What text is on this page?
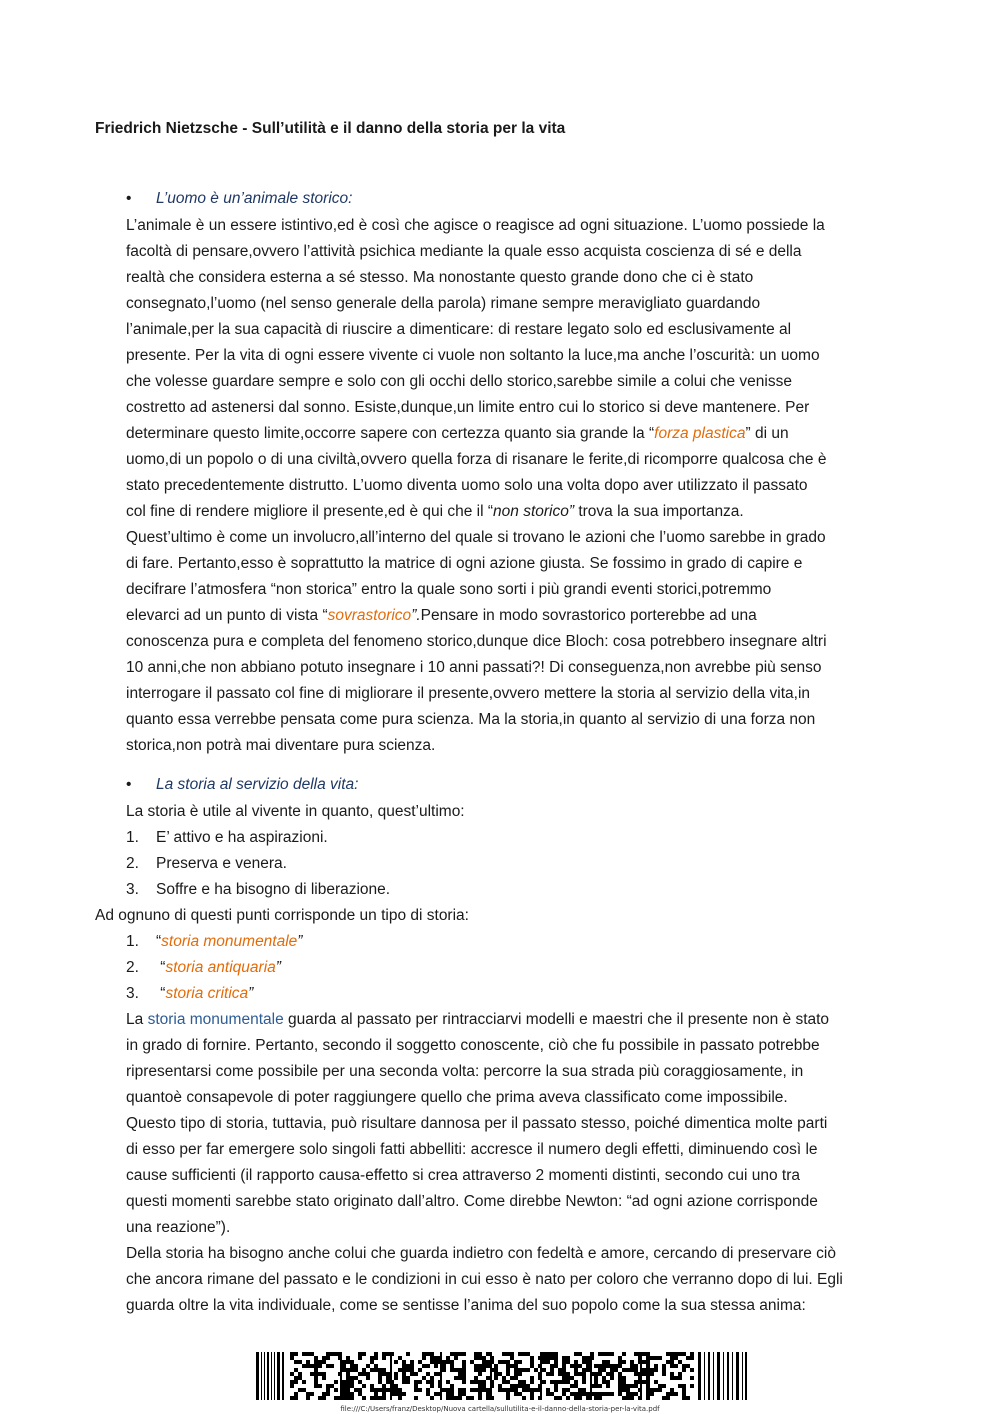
Friedrich Nietzsche - Sull’utilità e il danno della storia per la vita
• L’uomo è un’animale storico:

L’animale è un essere istintivo,ed è così che agisce o reagisce ad ogni situazione. L’uomo possiede la

facoltà di pensare,ovvero l’attività psichica mediante la quale esso acquista coscienza di sé e della

realtà che considera esterna a sé stesso. Ma nonostante questo grande dono che ci è stato

consegnato,l’uomo (nel senso generale della parola) rimane sempre meravigliato guardando

l’animale,per la sua capacità di riuscire a dimenticare: di restare legato solo ed esclusivamente al

presente. Per la vita di ogni essere vivente ci vuole non soltanto la luce,ma anche l’oscurità: un uomo

che volesse guardare sempre e solo con gli occhi dello storico,sarebbe simile a colui che venisse

costretto ad astenersi dal sonno. Esiste,dunque,un limite entro cui lo storico si deve mantenere. Per

determinare questo limite,occorre sapere con certezza quanto sia grande la “forza plastica” di un

uomo,di un popolo o di una civiltà,ovvero quella forza di risanare le ferite,di ricomporre qualcosa che è

stato precedentemente distrutto. L’uomo diventa uomo solo una volta dopo aver utilizzato il passato

col fine di rendere migliore il presente,ed è qui che il “non storico” trova la sua importanza.

Quest’ultimo è come un involucro,all’interno del quale si trovano le azioni che l’uomo sarebbe in grado

di fare. Pertanto,esso è soprattutto la matrice di ogni azione giusta. Se fossimo in grado di capire e

decifrare l’atmosfera “non storica” entro la quale sono sorti i più grandi eventi storici,potremmo

elevarci ad un punto di vista “sovrastorico”.Pensare in modo sovrastorico porterebbe ad una

conoscenza pura e completa del fenomeno storico,dunque dice Bloch: cosa potrebbero insegnare altri

10 anni,che non abbiano potuto insegnare i 10 anni passati?! Di conseguenza,non avrebbe più senso

interrogare il passato col fine di migliorare il presente,ovvero mettere la storia al servizio della vita,in

quanto essa verrebbe pensata come pura scienza. Ma la storia,in quanto al servizio di una forza non

storica,non potrà mai diventare pura scienza.

• La storia al servizio della vita:
La storia è utile al vivente in quanto, quest’ultimo:
1.	E’ attivo e ha aspirazioni.
2.	Preserva e venera.
3.	Soffre e ha bisogno di liberazione.
Ad ognuno di questi punti corrisponde un tipo di storia:
1.	“ storia monumentale ”
2.	“ storia antiquaria ”
3.	“ storia critica ”

La storia monumentale guarda al passato per rintracciarvi modelli e maestri che il presente non è stato

in grado di fornire. Pertanto, secondo il soggetto conoscente, ciò che fu possibile in passato potrebbe

ripresentarsi come possibile per una seconda volta: percorre la sua strada più coraggiosamente, in

quantoè consapevole di poter raggiungere quello che prima aveva classificato come impossibile.

Questo tipo di storia, tuttavia, può risultare dannosa per il passato stesso, poiché dimentica molte parti

di esso per far emergere solo singoli fatti abbelliti: accresce il numero degli effetti, diminuendo così le

cause sufficienti (il rapporto causa-effetto si crea attraverso 2 momenti distinti, secondo cui uno tra

questi momenti sarebbe stato originato dall’altro. Come direbbe Newton: “ad ogni azione corrisponde

una reazione”).

Della storia ha bisogno anche colui che guarda indietro con fedeltà e amore, cercando di preservare ciò

che ancora rimane del passato e le condizioni in cui esso è nato per coloro che verranno dopo di lui. Egli

guarda oltre la vita individuale, come se sentisse l’anima del suo popolo come la sua stessa anima:

file:///C:/Users/franz/Desktop/Nuova cartella/sullutilita-e-il-danno-della-storia-per-la-vita.pdf
